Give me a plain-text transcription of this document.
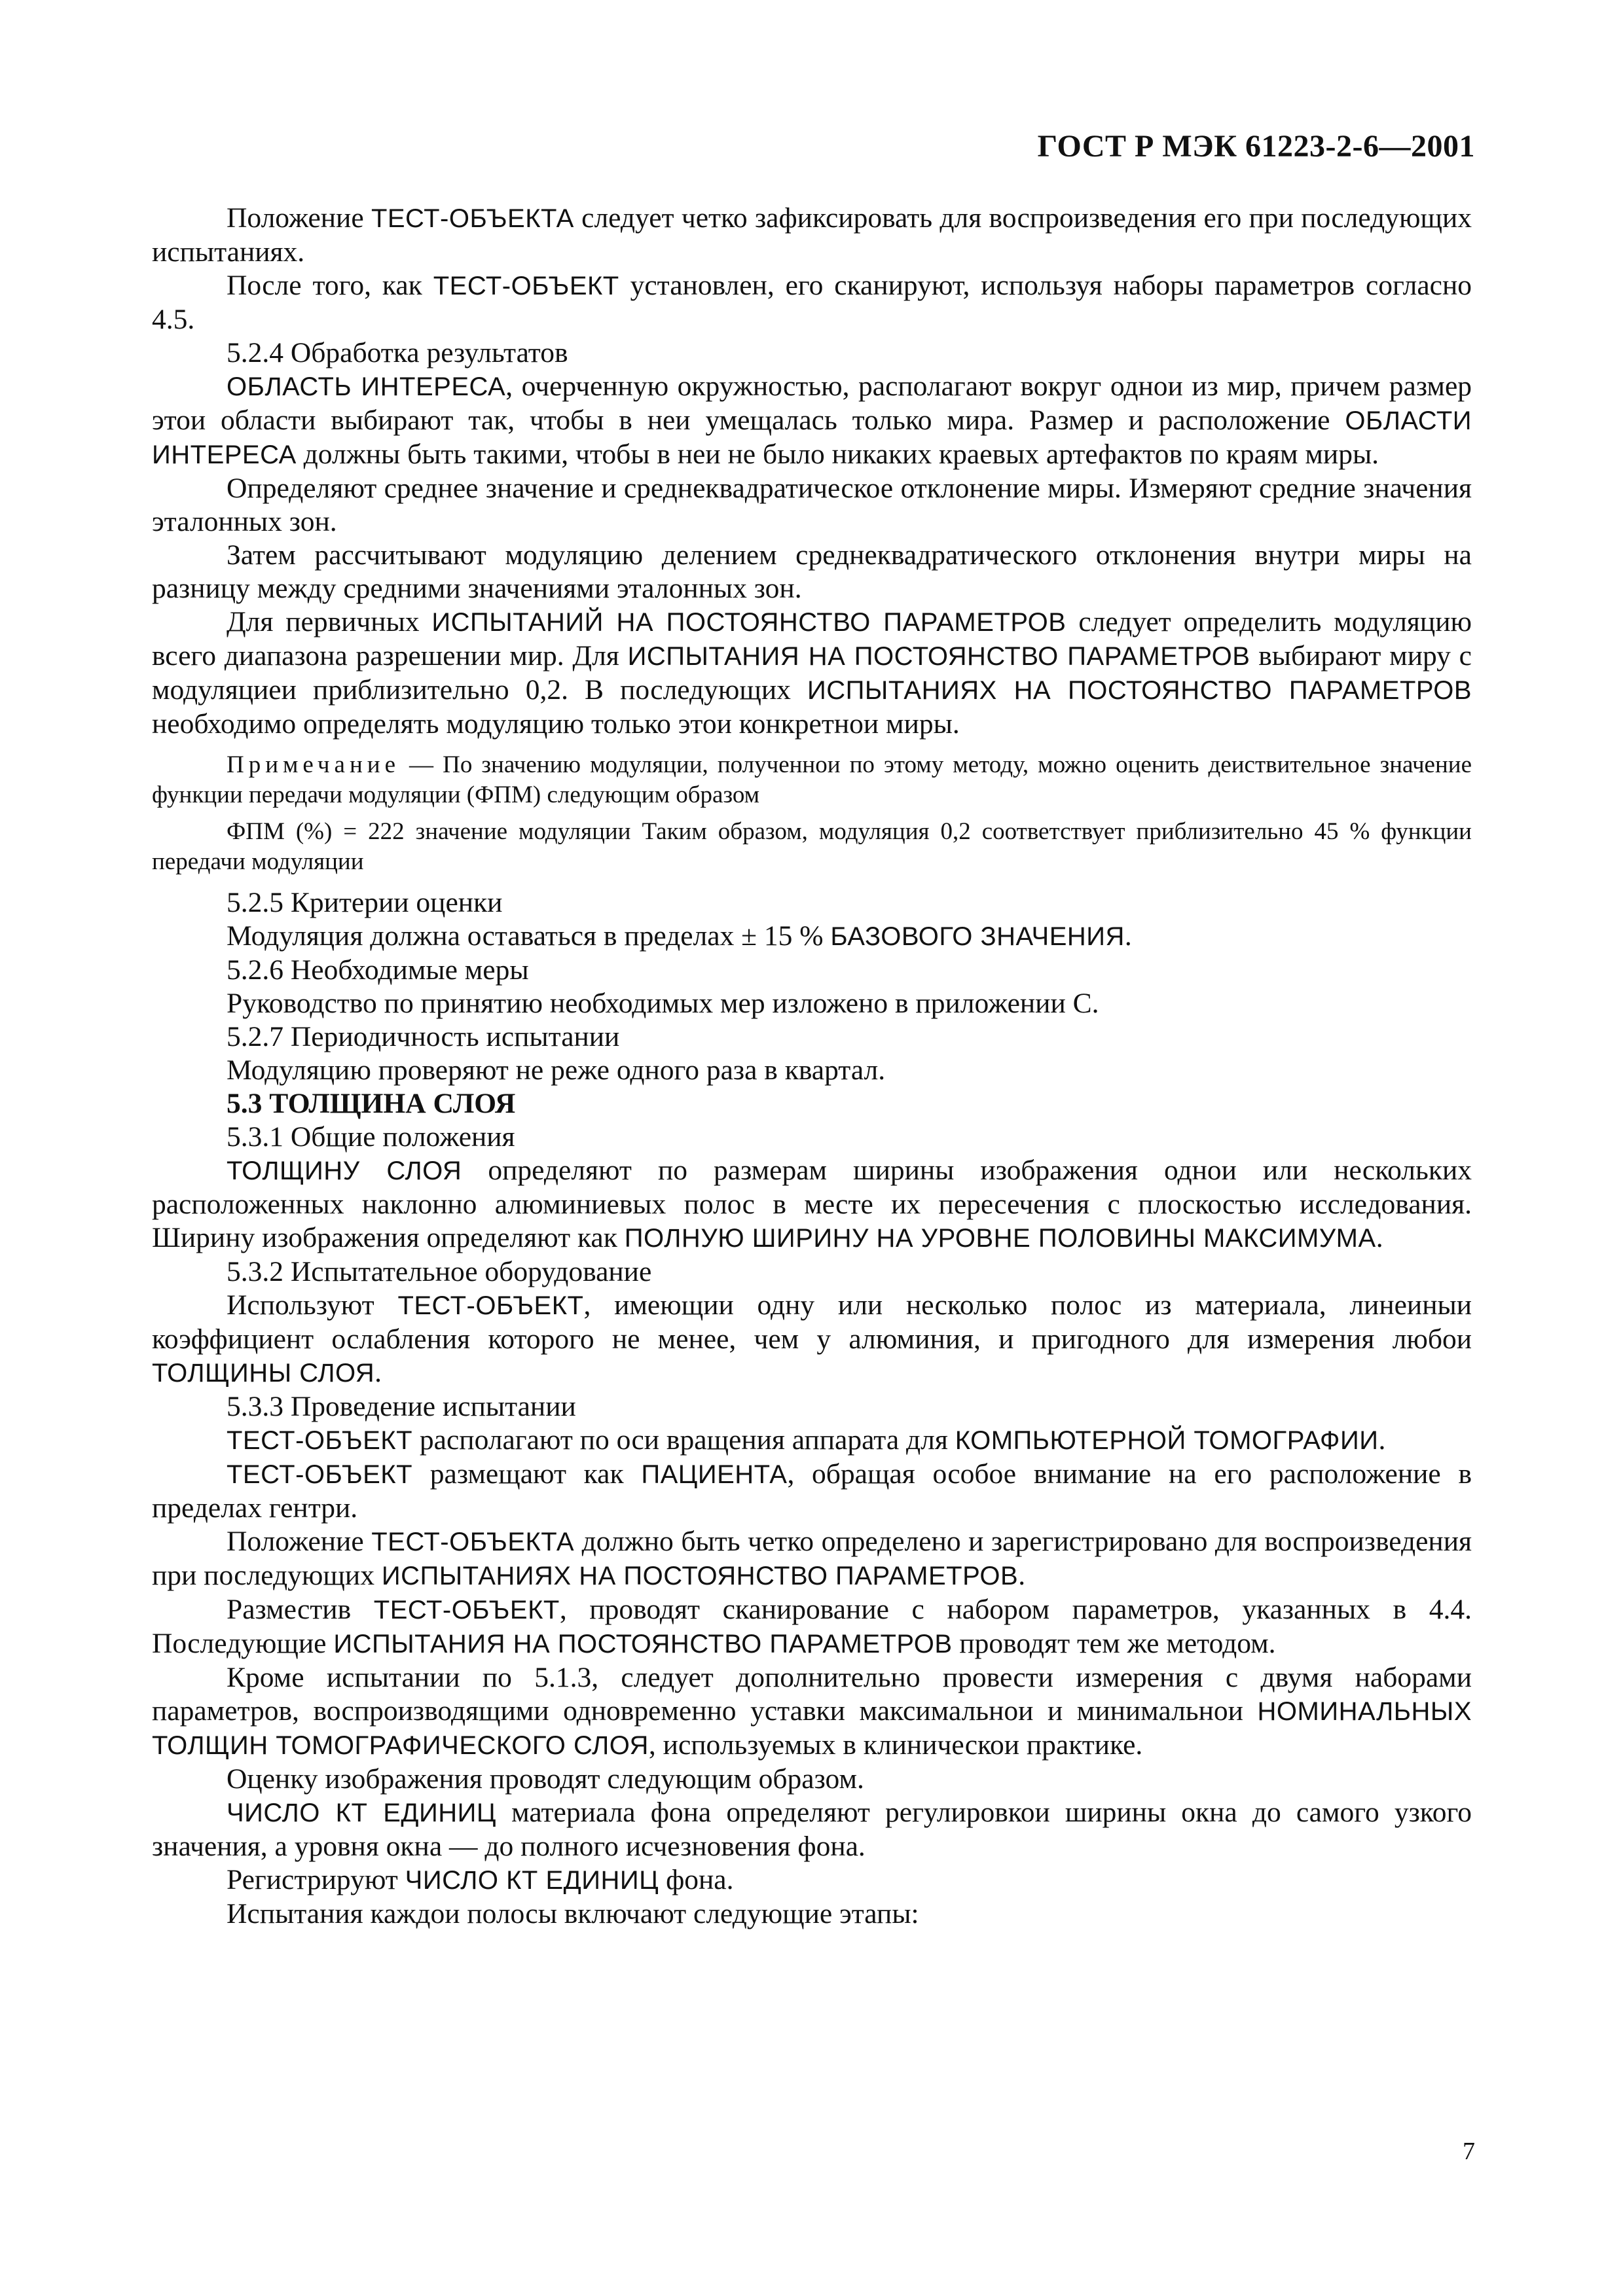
ГОСТ Р МЭК 61223-2-6—2001

Положение ТЕСТ-ОБЪЕКТА следует четко зафиксировать для воспроизведения его при последующих испытаниях.

После того, как ТЕСТ-ОБЪЕКТ установлен, его сканируют, используя наборы параметров согласно 4.5.

5.2.4 Обработка результатов

ОБЛАСТЬ ИНТЕРЕСА, очерченную окружностью, располагают вокруг однои из мир, причем размер этои области выбирают так, чтобы в неи умещалась только мира. Размер и расположение ОБЛАСТИ ИНТЕРЕСА должны быть такими, чтобы в неи не было никаких краевых артефактов по краям миры.

Определяют среднее значение и среднеквадратическое отклонение миры. Измеряют средние значения эталонных зон.

Затем рассчитывают модуляцию делением среднеквадратического отклонения внутри миры на разницу между средними значениями эталонных зон.

Для первичных ИСПЫТАНИЙ НА ПОСТОЯНСТВО ПАРАМЕТРОВ следует определить модуляцию всего диапазона разрешении мир. Для ИСПЫТАНИЯ НА ПОСТОЯНСТВО ПАРАМЕТРОВ выбирают миру с модуляциеи приблизительно 0,2. В последующих ИСПЫТАНИЯХ НА ПОСТОЯНСТВО ПАРАМЕТРОВ необходимо определять модуляцию только этои конкретнои миры.

Примечание — По значению модуляции, полученнои по этому методу, можно оценить деиствительное значение функции передачи модуляции (ФПМ) следующим образом

ФПМ (%) = 222 значение модуляции Таким образом, модуляция 0,2 соответствует приблизительно 45 % функции передачи модуляции

5.2.5 Критерии оценки

Модуляция должна оставаться в пределах ± 15 % БАЗОВОГО ЗНАЧЕНИЯ.

5.2.6 Необходимые меры

Руководство по принятию необходимых мер изложено в приложении С.

5.2.7 Периодичность испытании

Модуляцию проверяют не реже одного раза в квартал.

5.3 ТОЛЩИНА СЛОЯ

5.3.1 Общие положения

ТОЛЩИНУ СЛОЯ определяют по размерам ширины изображения однои или нескольких расположенных наклонно алюминиевых полос в месте их пересечения с плоскостью исследования. Ширину изображения определяют как ПОЛНУЮ ШИРИНУ НА УРОВНЕ ПОЛОВИНЫ МАКСИМУМА.

5.3.2 Испытательное оборудование

Используют ТЕСТ-ОБЪЕКТ, имеющии одну или несколько полос из материала, линеиныи коэффициент ослабления которого не менее, чем у алюминия, и пригодного для измерения любои ТОЛЩИНЫ СЛОЯ.

5.3.3 Проведение испытании

ТЕСТ-ОБЪЕКТ располагают по оси вращения аппарата для КОМПЬЮТЕРНОЙ ТОМОГРАФИИ.

ТЕСТ-ОБЪЕКТ размещают как ПАЦИЕНТА, обращая особое внимание на его расположение в пределах гентри.

Положение ТЕСТ-ОБЪЕКТА должно быть четко определено и зарегистрировано для воспроизведения при последующих ИСПЫТАНИЯХ НА ПОСТОЯНСТВО ПАРАМЕТРОВ.

Разместив ТЕСТ-ОБЪЕКТ, проводят сканирование с набором параметров, указанных в 4.4. Последующие ИСПЫТАНИЯ НА ПОСТОЯНСТВО ПАРАМЕТРОВ проводят тем же методом.

Кроме испытании по 5.1.3, следует дополнительно провести измерения с двумя наборами параметров, воспроизводящими одновременно уставки максимальнои и минимальнои НОМИНАЛЬНЫХ ТОЛЩИН ТОМОГРАФИЧЕСКОГО СЛОЯ, используемых в клиническои практике.

Оценку изображения проводят следующим образом.

ЧИСЛО КТ ЕДИНИЦ материала фона определяют регулировкои ширины окна до самого узкого значения, а уровня окна — до полного исчезновения фона.

Регистрируют ЧИСЛО КТ ЕДИНИЦ фона.

Испытания каждои полосы включают следующие этапы:

7
